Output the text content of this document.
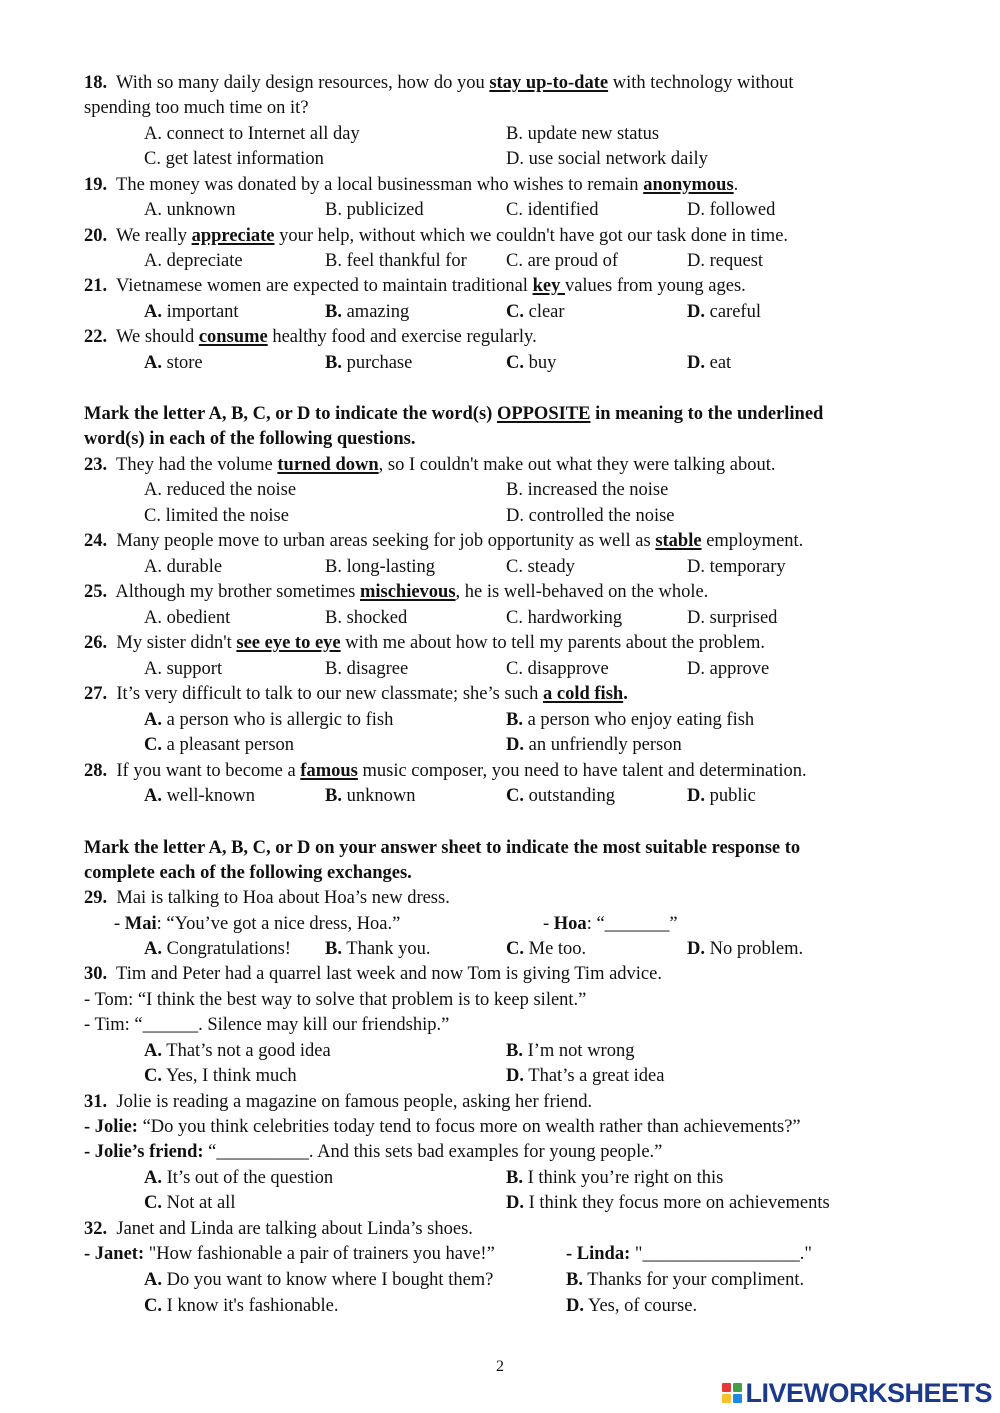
18. With so many daily design resources, how do you stay up-to-date with technology without
spending too much time on it?
A. connect to Internet all day	B. update new status
C. get latest information	D. use social network daily
19. The money was donated by a local businessman who wishes to remain anonymous.
A. unknown	B. publicized	C. identified	D. followed
20. We really appreciate your help, without which we couldn't have got our task done in time.
A. depreciate	B. feel thankful for C. are proud of	D. request
21. Vietnamese women are expected to maintain traditional key values from young ages.
A. important	B. amazing	C. clear	D. careful
22. We should consume healthy food and exercise regularly.
A. store	B. purchase	C. buy	D. eat
Mark the letter A, B, C, or D to indicate the word(s) OPPOSITE in meaning to the underlined
word(s) in each of the following questions.
23. They had the volume turned down, so I couldn't make out what they were talking about.
A. reduced the noise	B. increased the noise
C. limited the noise	D. controlled the noise
24. Many people move to urban areas seeking for job opportunity as well as stable employment.
A. durable	B. long-lasting	C. steady	D. temporary
25. Although my brother sometimes mischievous, he is well-behaved on the whole.
A. obedient	B. shocked	C. hardworking	D. surprised
26. My sister didn't see eye to eye with me about how to tell my parents about the problem.
A. support	B. disagree	C. disapprove	D. approve
27. It’s very difficult to talk to our new classmate; she’s such a cold fish.
A. a person who is allergic to fish	B. a person who enjoy eating fish
C. a pleasant person	D. an unfriendly person
28. If you want to become a famous music composer, you need to have talent and determination.
A. well-known	B. unknown	C. outstanding	D. public
Mark the letter A, B, C, or D on your answer sheet to indicate the most suitable response to
complete each of the following exchanges.
29. Mai is talking to Hoa about Hoa’s new dress.
- Mai: “You’ve got a nice dress, Hoa.”	- Hoa: “_______”
A. Congratulations! B. Thank you.	C. Me too.	D. No problem.
30. Tim and Peter had a quarrel last week and now Tom is giving Tim advice.
- Tom: “I think the best way to solve that problem is to keep silent.”
- Tim: “______. Silence may kill our friendship.”
A. That’s not a good idea	B. I’m not wrong
C. Yes, I think much	D. That’s a great idea
31. Jolie is reading a magazine on famous people, asking her friend.
- Jolie: “Do you think celebrities today tend to focus more on wealth rather than achievements?”
- Jolie’s friend: “__________. And this sets bad examples for young people.”
A. It’s out of the question	B. I think you’re right on this
C. Not at all	D. I think they focus more on achievements
32. Janet and Linda are talking about Linda’s shoes.
- Janet: "How fashionable a pair of trainers you have!”	- Linda: "_________________."
A. Do you want to know where I bought them?	B. Thanks for your compliment.
C. I know it's fashionable.	D. Yes, of course.
2
LIVEWORKSHEETS
